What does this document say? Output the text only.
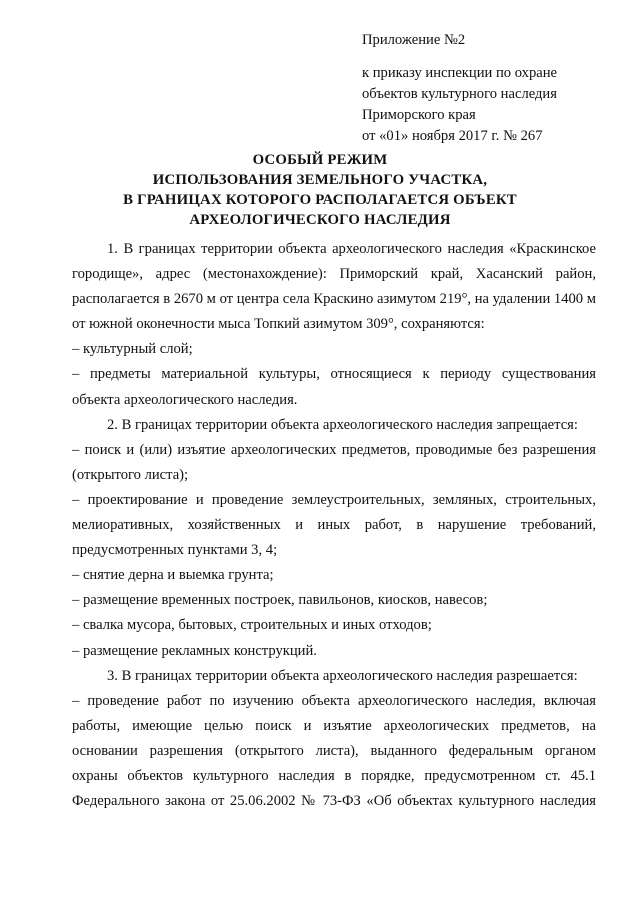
Приложение №2
к приказу инспекции по охране
объектов культурного наследия
Приморского края
от «01» ноября 2017 г. № 267
ОСОБЫЙ РЕЖИМ
ИСПОЛЬЗОВАНИЯ ЗЕМЕЛЬНОГО УЧАСТКА,
В ГРАНИЦАХ КОТОРОГО РАСПОЛАГАЕТСЯ ОБЪЕКТ
АРХЕОЛОГИЧЕСКОГО НАСЛЕДИЯ

1. В границах территории объекта археологического наследия «Краскинское городище», адрес (местонахождение): Приморский край, Хасанский район, располагается в 2670 м от центра села Краскино азимутом 219°, на удалении 1400 м от южной оконечности мыса Топкий азимутом 309°, сохраняются:

– культурный слой;

– предметы материальной культуры, относящиеся к периоду существования объекта археологического наследия.

2. В границах территории объекта археологического наследия запрещается:

– поиск и (или) изъятие археологических предметов, проводимые без разрешения (открытого листа);

– проектирование и проведение землеустроительных, земляных, строительных, мелиоративных, хозяйственных и иных работ, в нарушение требований, предусмотренных пунктами 3, 4;

– снятие дерна и выемка грунта;

– размещение временных построек, павильонов, киосков, навесов;

– свалка мусора, бытовых, строительных и иных отходов;

– размещение рекламных конструкций.

3. В границах территории объекта археологического наследия разрешается:

– проведение работ по изучению объекта археологического наследия, включая работы, имеющие целью поиск и изъятие археологических предметов, на основании разрешения (открытого листа), выданного федеральным органом охраны объектов культурного наследия в порядке, предусмотренном ст. 45.1 Федерального закона от 25.06.2002 № 73-ФЗ «Об объектах культурного наследия
